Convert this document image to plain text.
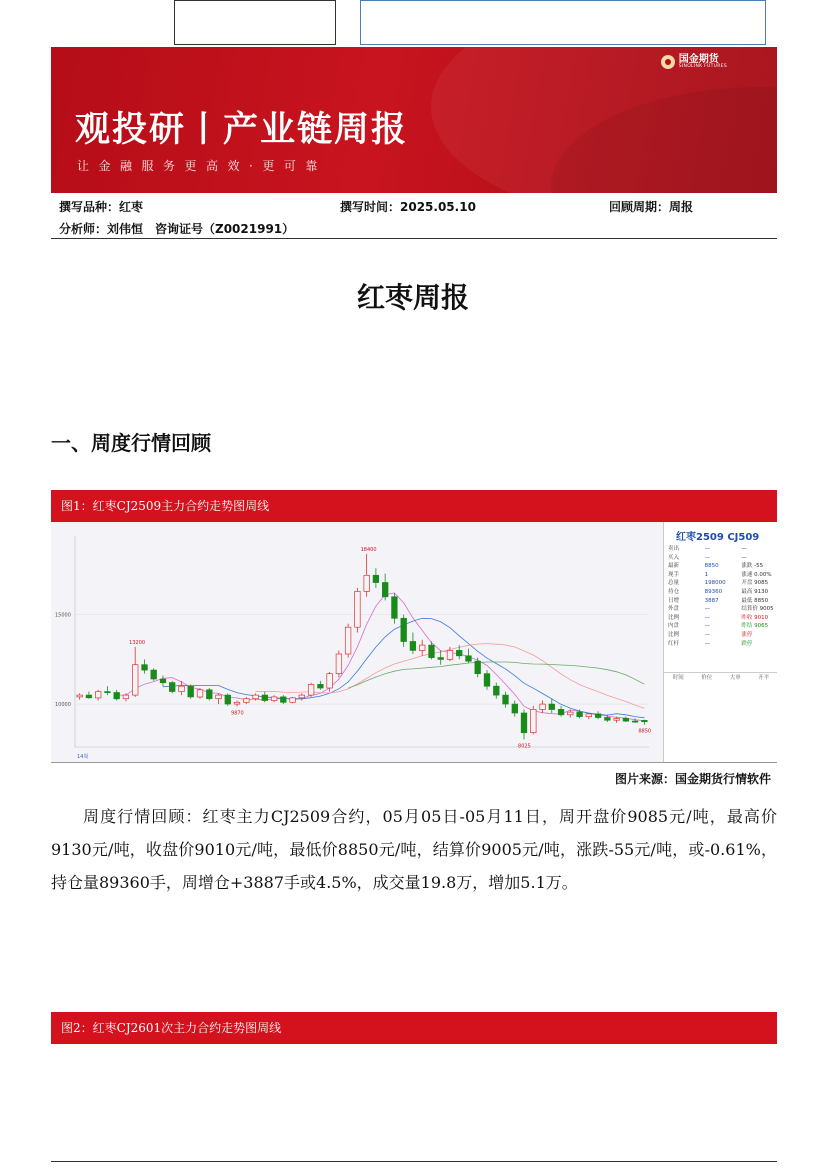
国金期货
SINOLINK FUTURES
观投研丨产业链周报
让金融服务更高效·更可靠
撰写品种：红枣	撰写时间：2025.05.10	回顾周期：周报
分析师：刘伟恒　咨询证号（Z0021991）
红枣周报
一、周度行情回顾
图1：红枣CJ2509主力合约走势图周线
15000
10000
13200
18400
9870
8025
8850
14周
红枣2509 CJ509
卖出	—	—
买入	—	—
最新	8850	涨跌 -55
现手	1	涨速 0.00%
总量	198000	开盘 9085
持仓	89360	最高 9130
日增	3887	最低 8850
外盘	—	结算价 9005
比例	—	昨收 9010
内盘	—	昨结 9065
比例	—	涨停
红杆	—	跌停
时间	价位	大单	开平
图片来源：国金期货行情软件

周度行情回顾：红枣主力CJ2509合约，05月05日-05月11日，周开盘价9085元/吨，最高价9130元/吨，收盘价9010元/吨，最低价8850元/吨，结算价9005元/吨，涨跌-55元/吨，或-0.61%，持仓量89360手，周增仓+3887手或4.5%，成交量19.8万，增加5.1万。

图2：红枣CJ2601次主力合约走势图周线
